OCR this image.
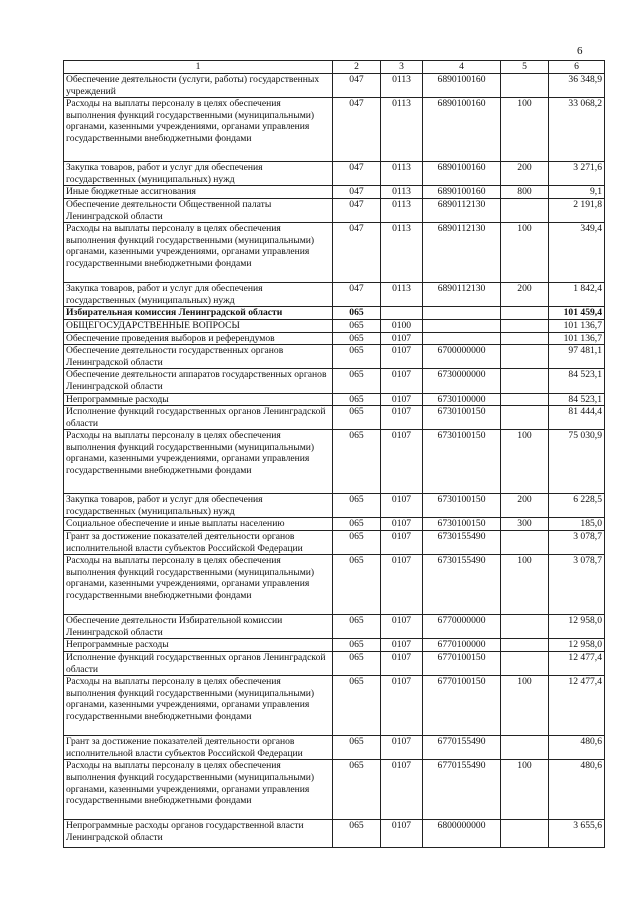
6
1	2	3	4	5	6
Обеспечение деятельности (услуги, работы) государственных учреждений	047	0113	6890100160		36 348,9
Расходы на выплаты персоналу в целях обеспечения выполнения функций государственными (муниципальными) органами, казенными учреждениями, органами управления государственными внебюджетными фондами	047	0113	6890100160	100	33 068,2
Закупка товаров, работ и услуг для обеспечения государственных (муниципальных) нужд	047	0113	6890100160	200	3 271,6
Иные бюджетные ассигнования	047	0113	6890100160	800	9,1
Обеспечение деятельности Общественной палаты Ленинградской области	047	0113	6890112130		2 191,8
Расходы на выплаты персоналу в целях обеспечения выполнения функций государственными (муниципальными) органами, казенными учреждениями, органами управления государственными внебюджетными фондами	047	0113	6890112130	100	349,4
Закупка товаров, работ и услуг для обеспечения государственных (муниципальных) нужд	047	0113	6890112130	200	1 842,4
Избирательная комиссия Ленинградской области	065				101 459,4
ОБЩЕГОСУДАРСТВЕННЫЕ ВОПРОСЫ	065	0100			101 136,7
Обеспечение проведения выборов и референдумов	065	0107			101 136,7
Обеспечение деятельности государственных органов Ленинградской области	065	0107	6700000000		97 481,1
Обеспечение деятельности аппаратов государственных органов Ленинградской области	065	0107	6730000000		84 523,1
Непрограммные расходы	065	0107	6730100000		84 523,1
Исполнение функций государственных органов Ленинградской области	065	0107	6730100150		81 444,4
Расходы на выплаты персоналу в целях обеспечения выполнения функций государственными (муниципальными) органами, казенными учреждениями, органами управления государственными внебюджетными фондами	065	0107	6730100150	100	75 030,9
Закупка товаров, работ и услуг для обеспечения государственных (муниципальных) нужд	065	0107	6730100150	200	6 228,5
Социальное обеспечение и иные выплаты населению	065	0107	6730100150	300	185,0
Грант за достижение показателей деятельности органов исполнительной власти субъектов Российской Федерации	065	0107	6730155490		3 078,7
Расходы на выплаты персоналу в целях обеспечения выполнения функций государственными (муниципальными) органами, казенными учреждениями, органами управления государственными внебюджетными фондами	065	0107	6730155490	100	3 078,7
Обеспечение деятельности Избирательной комиссии Ленинградской области	065	0107	6770000000		12 958,0
Непрограммные расходы	065	0107	6770100000		12 958,0
Исполнение функций государственных органов Ленинградской области	065	0107	6770100150		12 477,4
Расходы на выплаты персоналу в целях обеспечения выполнения функций государственными (муниципальными) органами, казенными учреждениями, органами управления государственными внебюджетными фондами	065	0107	6770100150	100	12 477,4
Грант за достижение показателей деятельности органов исполнительной власти субъектов Российской Федерации	065	0107	6770155490		480,6
Расходы на выплаты персоналу в целях обеспечения выполнения функций государственными (муниципальными) органами, казенными учреждениями, органами управления государственными внебюджетными фондами	065	0107	6770155490	100	480,6
Непрограммные расходы органов государственной власти Ленинградской области	065	0107	6800000000		3 655,6
